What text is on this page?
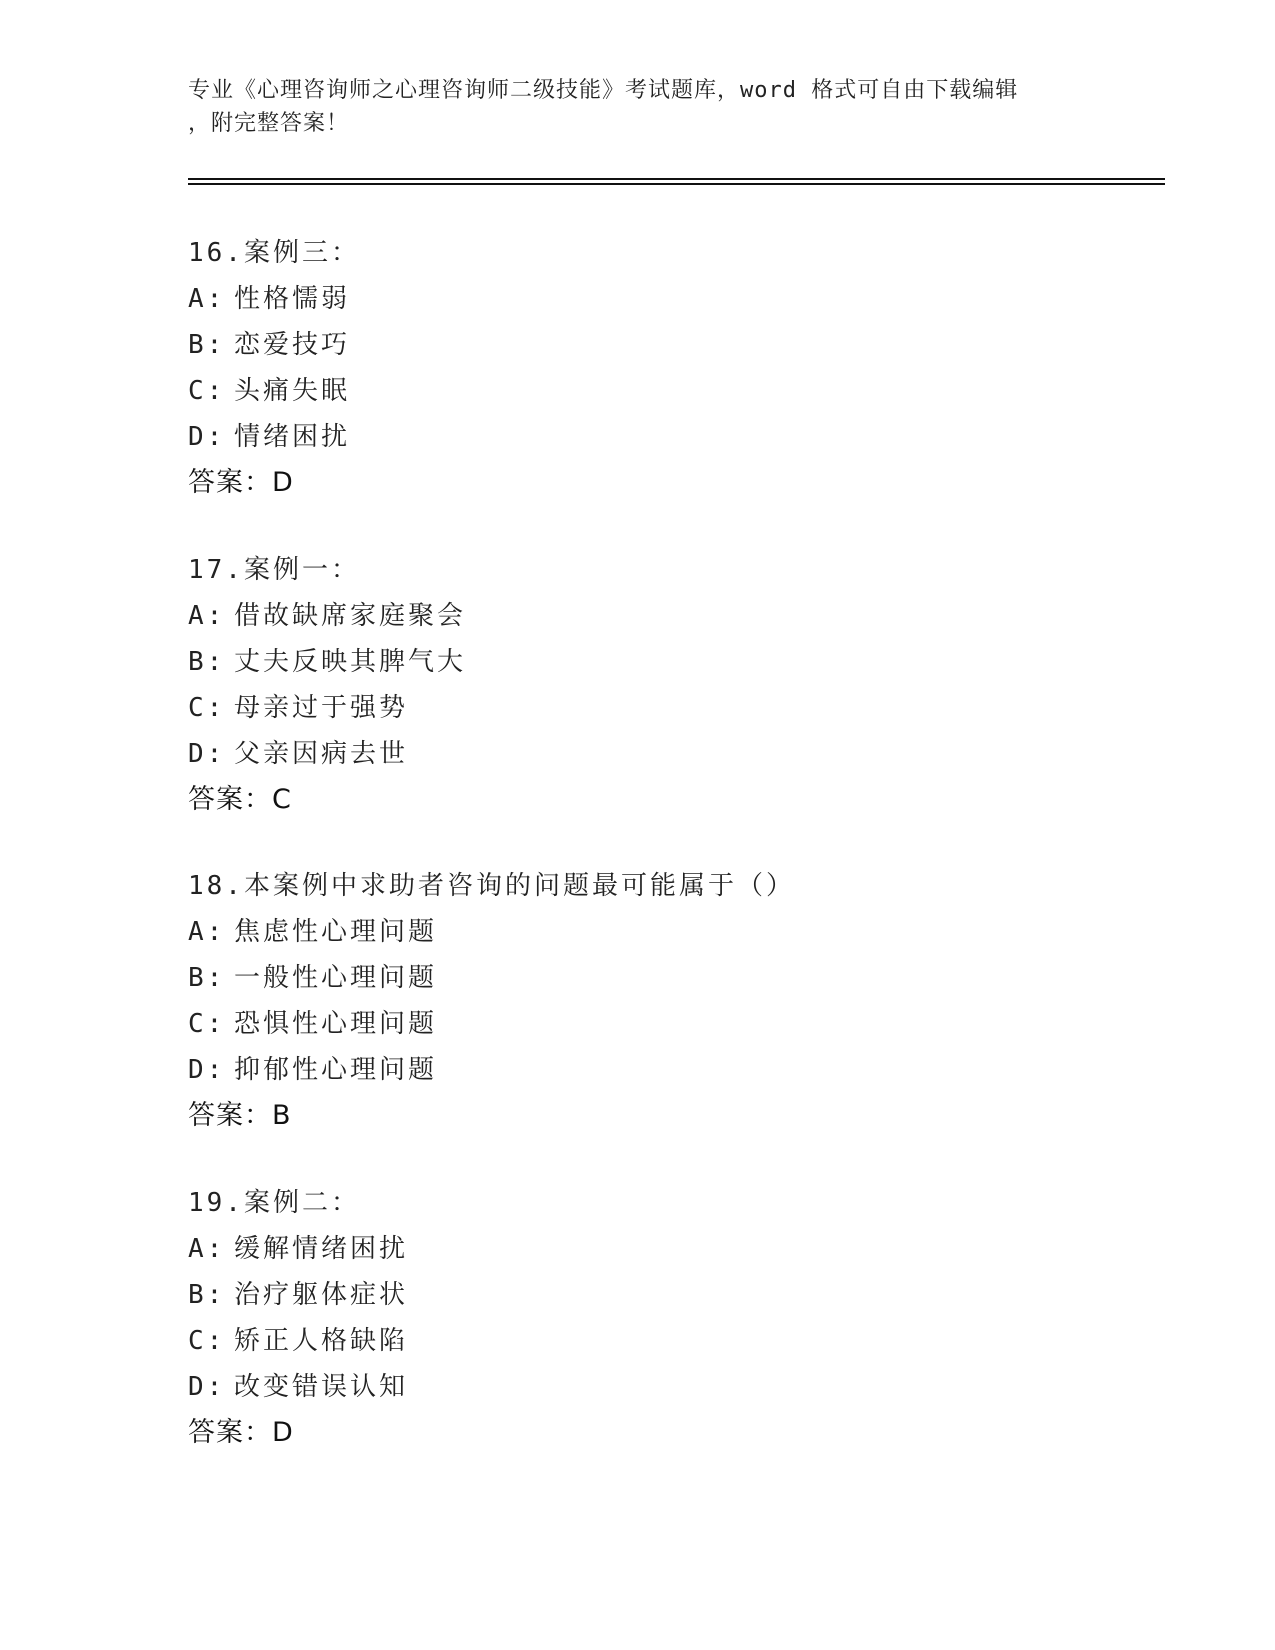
专业《心理咨询师之心理咨询师二级技能》考试题库，word 格式可自由下载编辑
，附完整答案！
16.案例三：
A: 性格懦弱
B: 恋爱技巧
C: 头痛失眠
D: 情绪困扰
答案：D
17.案例一：
A: 借故缺席家庭聚会
B: 丈夫反映其脾气大
C: 母亲过于强势
D: 父亲因病去世
答案：C
18.本案例中求助者咨询的问题最可能属于（）
A: 焦虑性心理问题
B: 一般性心理问题
C: 恐惧性心理问题
D: 抑郁性心理问题
答案：B
19.案例二：
A: 缓解情绪困扰
B: 治疗躯体症状
C: 矫正人格缺陷
D: 改变错误认知
答案：D
